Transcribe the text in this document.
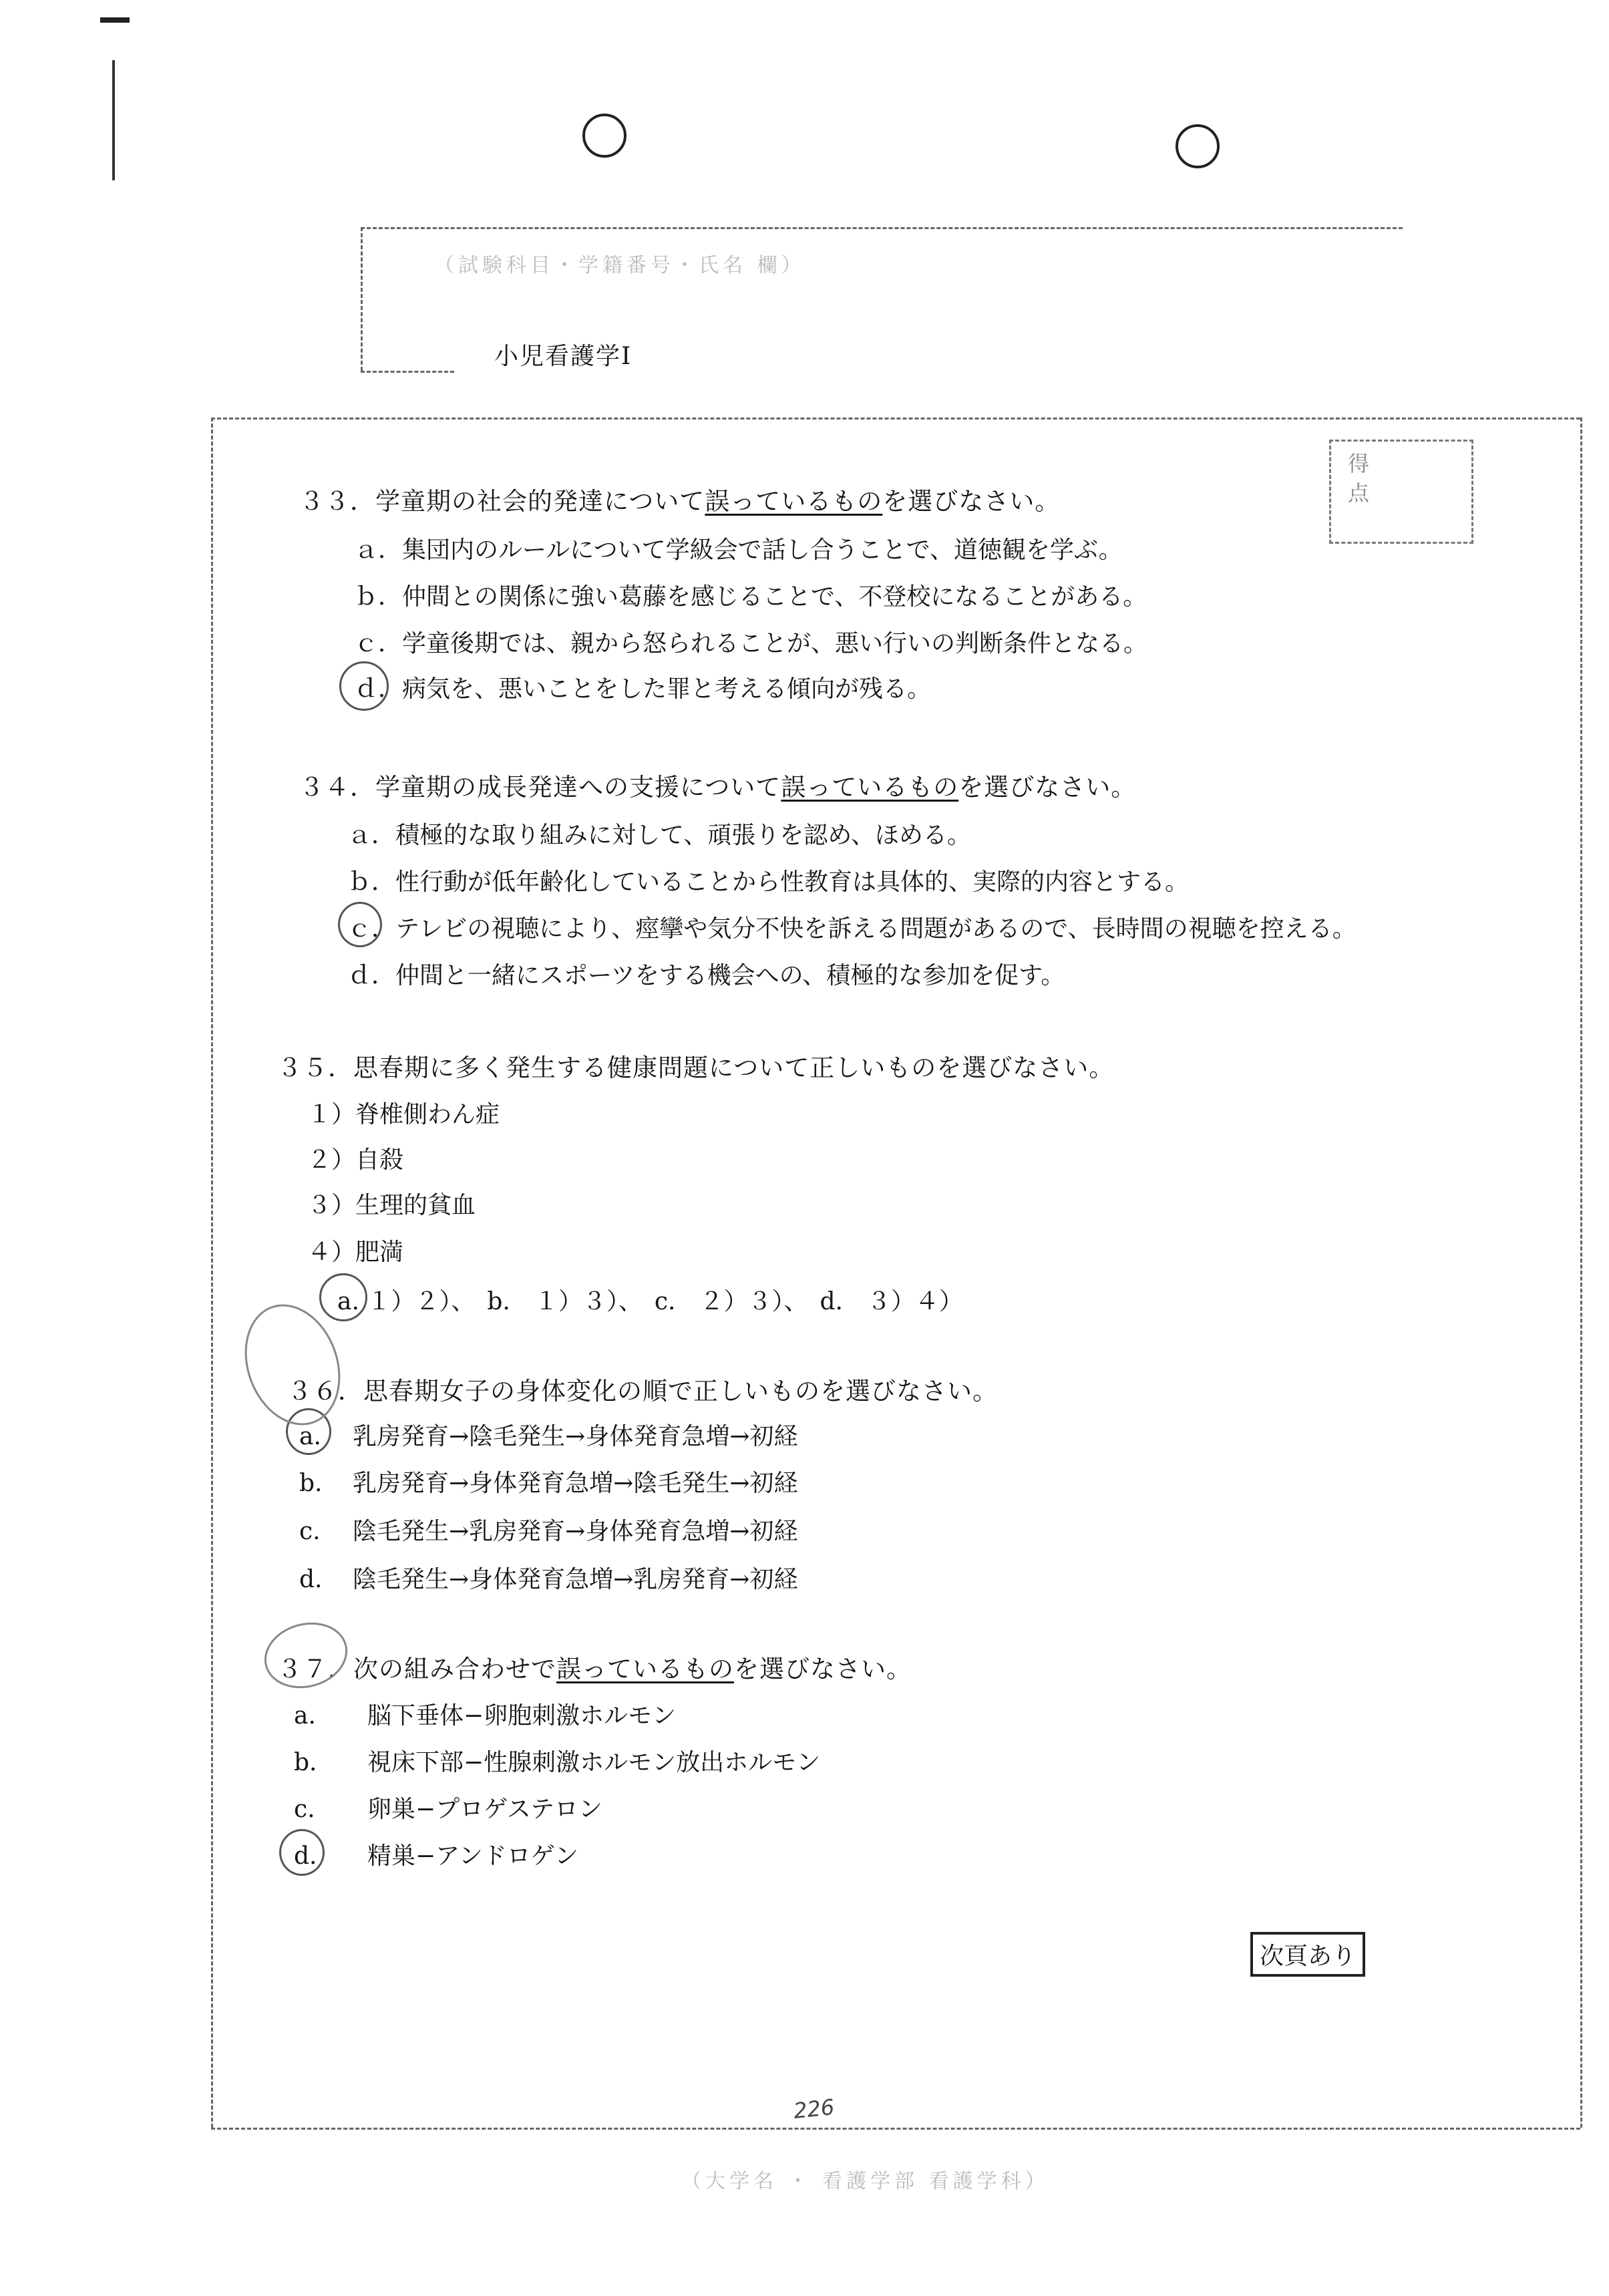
（試験科目・学籍番号・氏名 欄）
小児看護学Ⅰ
得点
３３．学童期の社会的発達について誤っているものを選びなさい。
ａ．集団内のルールについて学級会で話し合うことで、道徳観を学ぶ。
ｂ．仲間との関係に強い葛藤を感じることで、不登校になることがある。
ｃ．学童後期では、親から怒られることが、悪い行いの判断条件となる。
ｄ．病気を、悪いことをした罪と考える傾向が残る。
３４．学童期の成長発達への支援について誤っているものを選びなさい。
ａ．積極的な取り組みに対して、頑張りを認め、ほめる。
ｂ．性行動が低年齢化していることから性教育は具体的、実際的内容とする。
ｃ．テレビの視聴により、痙攣や気分不快を訴える問題があるので、長時間の視聴を控える。
ｄ．仲間と一緒にスポーツをする機会への、積極的な参加を促す。
３５．思春期に多く発生する健康問題について正しいものを選びなさい。
１）脊椎側わん症
２）自殺
３）生理的貧血
４）肥満
a. １）２）、　b.　１）３）、　c.　２）３）、　d.　３）４）
３６．思春期女子の身体変化の順で正しいものを選びなさい。
a. 乳房発育→陰毛発生→身体発育急増→初経
b. 乳房発育→身体発育急増→陰毛発生→初経
c. 陰毛発生→乳房発育→身体発育急増→初経
d. 陰毛発生→身体発育急増→乳房発育→初経
３７．次の組み合わせで誤っているものを選びなさい。
a. 脳下垂体−卵胞刺激ホルモン
b. 視床下部−性腺刺激ホルモン放出ホルモン
c. 卵巣−プロゲステロン
d. 精巣−アンドロゲン
次頁あり
226
（大学名 ・ 看護学部 看護学科）
